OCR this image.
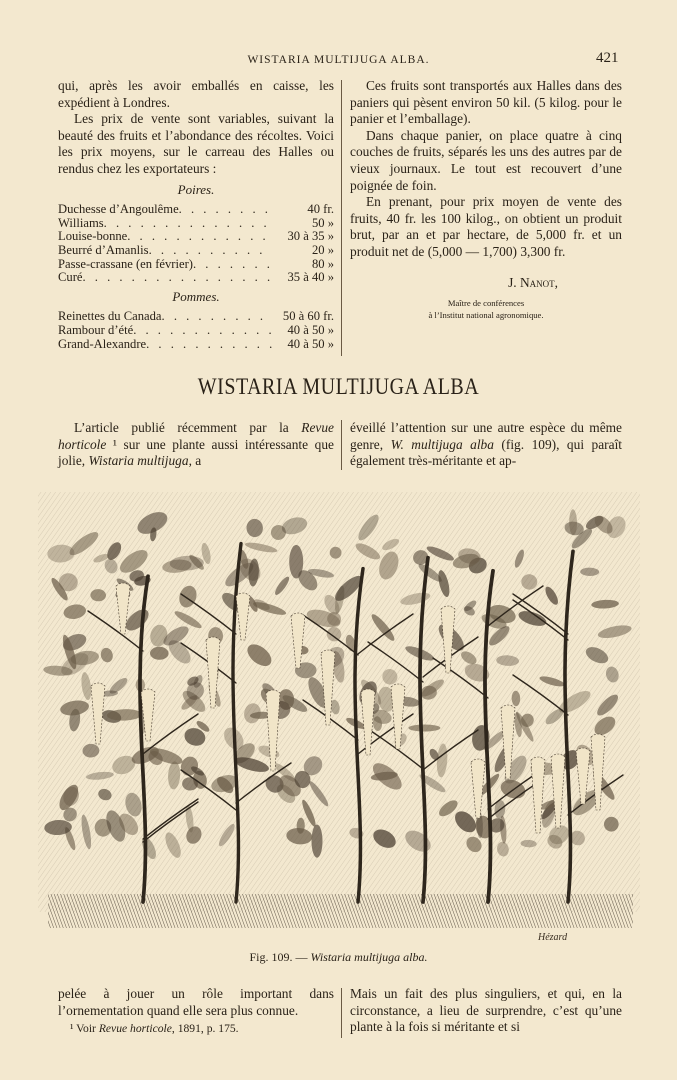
WISTARIA MULTIJUGA ALBA.	421

qui, après les avoir emballés en caisse, les expédient à Londres.

Les prix de vente sont variables, suivant la beauté des fruits et l’abondance des récoltes. Voici les prix moyens, sur le carreau des Halles ou rendus chez les exportateurs :

Poires.
Duchesse d’Angoulême . . .	40 fr.
Williams . . .	50 »
Louise-bonne . . .	30 à 35 »
Beurré d’Amanlis . . .	20 »
Passe-crassane (en février) . . .	80 »
Curé . . .	35 à 40 »
Pommes.
Reinettes du Canada . . .	50 à 60 fr.
Rambour d’été . . .	40 à 50 »
Grand-Alexandre . . .	40 à 50 »

Ces fruits sont transportés aux Halles dans des paniers qui pèsent environ 50 kil. (5 kilog. pour le panier et l’emballage).

Dans chaque panier, on place quatre à cinq couches de fruits, séparés les uns des autres par de vieux journaux. Le tout est recouvert d’une poignée de foin.

En prenant, pour prix moyen de vente des fruits, 40 fr. les 100 kilog., on obtient un produit brut, par an et par hectare, de 5,000 fr. et un produit net de (5,000 — 1,700) 3,300 fr.

J. Nanot,
Maître de conférences
à l’Institut national agronomique.
WISTARIA MULTIJUGA ALBA

L’article publié récemment par la Revue horticole ¹ sur une plante aussi intéressante que jolie, Wistaria multijuga, a

éveillé l’attention sur une autre espèce du même genre, W. multijuga alba (fig. 109), qui paraît également très-méritante et ap-

Hézard
Fig. 109. — Wistaria multijuga alba.

pelée à jouer un rôle important dans l’ornementation quand elle sera plus connue.

Mais un fait des plus singuliers, et qui, en la circonstance, a lieu de surprendre, c’est qu’une plante à la fois si méritante et si

¹ Voir Revue horticole, 1891, p. 175.
